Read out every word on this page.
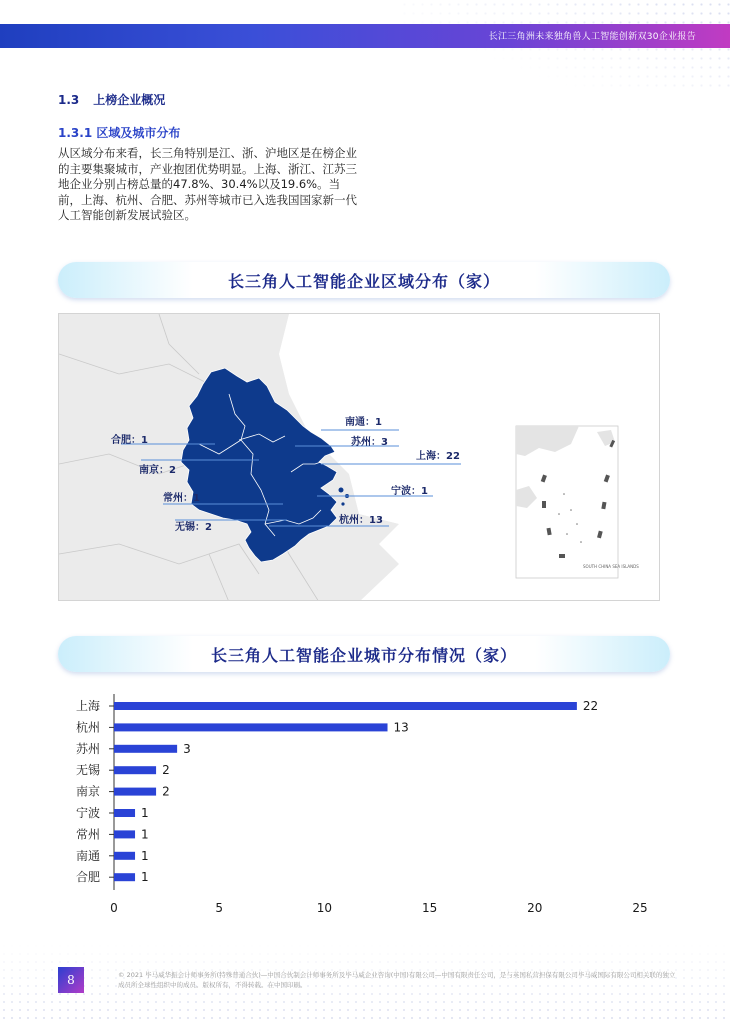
长江三角洲未来独角兽人工智能创新双30企业报告
1.3 上榜企业概况
1.3.1 区域及城市分布

从区域分布来看，长三角特别是江、浙、沪地区是在榜企业的主要集聚城市，产业抱团优势明显。上海、浙江、江苏三地企业分别占榜总量的47.8%、30.4%以及19.6%。当前，上海、杭州、合肥、苏州等城市已入选我国国家新一代人工智能创新发展试验区。

长三角人工智能企业区域分布（家）
南通：1
苏州：3
合肥：1
上海：22
南京：2
宁波：1
常州：1
杭州：13
无锡：2
SOUTH CHINA SEA ISLANDS
长三角人工智能企业城市分布情况（家）
上海	22
杭州	13
苏州	3
无锡	2
南京	2
宁波	1
常州	1
南通	1
合肥	1
0	5	10	15	20	25
8	© 2021 毕马威华振会计师事务所(特殊普通合伙)—中国合伙制会计师事务所及毕马威企业咨询(中国)有限公司—中国有限责任公司，是与英国私营担保有限公司毕马威国际有限公司相关联的独立成员所全球性组织中的成员。版权所有，不得转载。在中国印刷。
